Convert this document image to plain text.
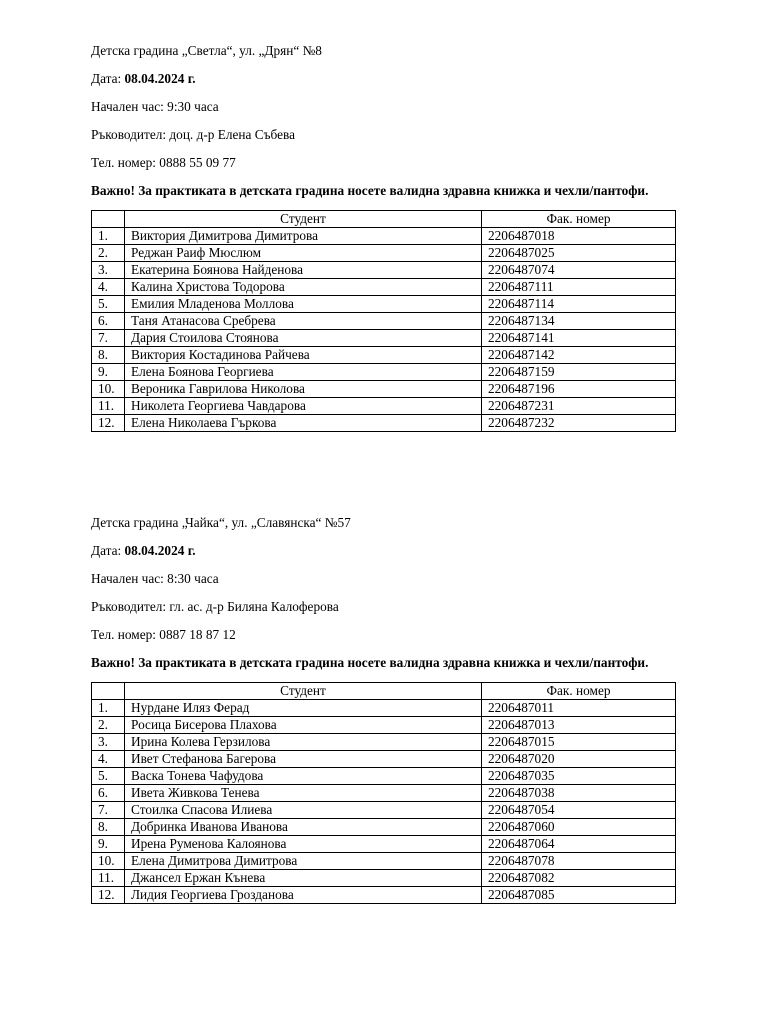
Детска градина „Светла“, ул. „Дрян“ №8

Дата: 08.04.2024 г.

Начален час: 9:30 часа

Ръководител: доц. д-р Елена Събева

Тел. номер: 0888 55 09 77

Важно! За практиката в детската градина носете валидна здравна книжка и чехли/пантофи.

	Студент	Фак. номер
1.	Виктория Димитрова Димитрова	2206487018
2.	Реджан Раиф Мюслюм	2206487025
3.	Екатерина Боянова Найденова	2206487074
4.	Калина Христова Тодорова	2206487111
5.	Емилия Младенова Моллова	2206487114
6.	Таня Атанасова Сребрева	2206487134
7.	Дария Стоилова Стоянова	2206487141
8.	Виктория Костадинова Райчева	2206487142
9.	Елена Боянова Георгиева	2206487159
10.	Вероника Гаврилова Николова	2206487196
11.	Николета Георгиева Чавдарова	2206487231
12.	Елена Николаева Гъркова	2206487232

Детска градина „Чайка“, ул. „Славянска“ №57

Дата: 08.04.2024 г.

Начален час: 8:30 часа

Ръководител: гл. ас. д-р Биляна Калоферова

Тел. номер: 0887 18 87 12

Важно! За практиката в детската градина носете валидна здравна книжка и чехли/пантофи.

	Студент	Фак. номер
1.	Нурдане Иляз Ферад	2206487011
2.	Росица Бисерова Плахова	2206487013
3.	Ирина Колева Герзилова	2206487015
4.	Ивет Стефанова Багерова	2206487020
5.	Васка Тонева Чафудова	2206487035
6.	Ивета Живкова Тенева	2206487038
7.	Стоилка Спасова Илиева	2206487054
8.	Добринка Иванова Иванова	2206487060
9.	Ирена Руменова Калоянова	2206487064
10.	Елена Димитрова Димитрова	2206487078
11.	Джансел Ержан Кънева	2206487082
12.	Лидия Георгиева Грозданова	2206487085
